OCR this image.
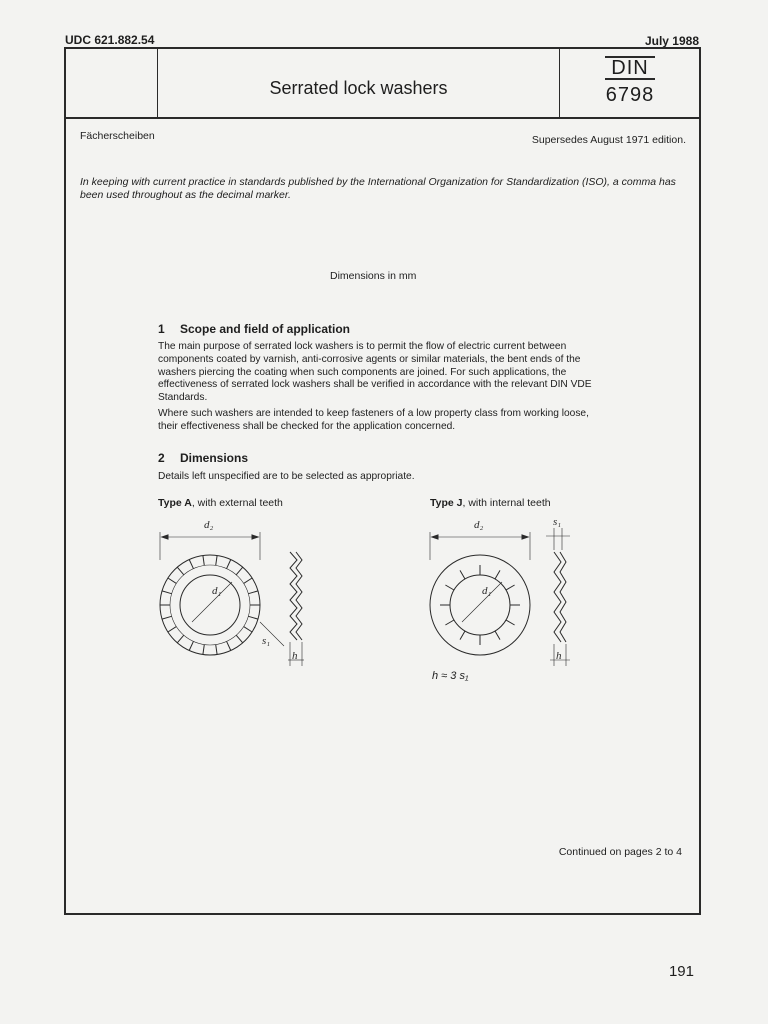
UDC 621.882.54	July 1988
Serrated lock washers
DIN
6798
Fächerscheiben	Supersedes August 1971 edition.
In keeping with current practice in standards published by the International Organization for Standardization (ISO), a comma has been used throughout as the decimal marker.
Dimensions in mm
1 Scope and field of application
The main purpose of serrated lock washers is to permit the flow of electric current between components coated by varnish, anti-corrosive agents or similar materials, the bent ends of the washers piercing the coating when such components are joined. For such applications, the effectiveness of serrated lock washers shall be verified in accordance with the relevant DIN VDE Standards.
Where such washers are intended to keep fasteners of a low property class from working loose, their effectiveness shall be checked for the application concerned.
2 Dimensions
Details left unspecified are to be selected as appropriate.
Type A, with external teeth	Type J, with internal teeth
d₂
d₁
s₁
h
d₂
d₁
s₁
h
h ≈ 3 s₁
Continued on pages 2 to 4
191
